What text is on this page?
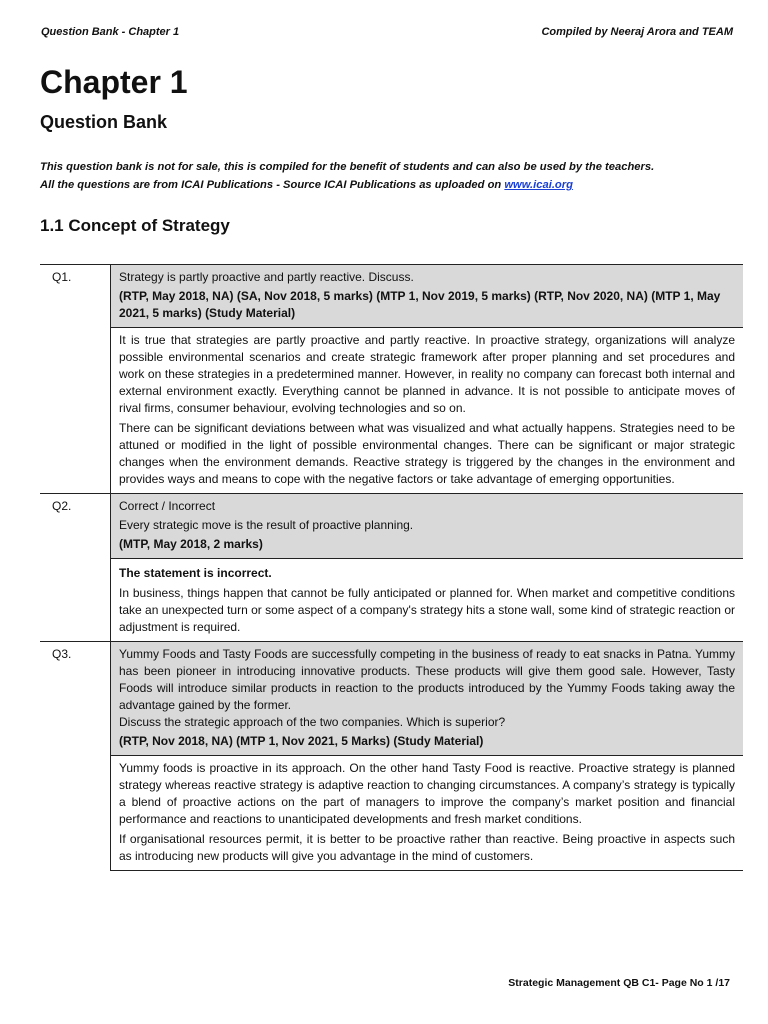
Question Bank - Chapter 1	Compiled by Neeraj Arora and TEAM
Chapter 1
Question Bank
This question bank is not for sale, this is compiled for the benefit of students and can also be used by the teachers.
All the questions are from ICAI Publications - Source ICAI Publications as uploaded on www.icai.org
1.1 Concept of Strategy
Q1.	Strategy is partly proactive and partly reactive. Discuss.
(RTP, May 2018, NA) (SA, Nov 2018, 5 marks) (MTP 1, Nov 2019, 5 marks) (RTP, Nov 2020, NA) (MTP 1, May 2021, 5 marks) (Study Material)

	It is true that strategies are partly proactive and partly reactive. In proactive strategy, organizations will analyze possible environmental scenarios and create strategic framework after proper planning and set procedures and work on these strategies in a predetermined manner. However, in reality no company can forecast both internal and external environment exactly. Everything cannot be planned in advance. It is not possible to anticipate moves of rival firms, consumer behaviour, evolving technologies and so on.

There can be significant deviations between what was visualized and what actually happens. Strategies need to be attuned or modified in the light of possible environmental changes. There can be significant or major strategic changes when the environment demands. Reactive strategy is triggered by the changes in the environment and provides ways and means to cope with the negative factors or take advantage of emerging opportunities.

Q2.	Correct / Incorrect
Every strategic move is the result of proactive planning.
(MTP, May 2018, 2 marks)

	The statement is incorrect.

In business, things happen that cannot be fully anticipated or planned for. When market and competitive conditions take an unexpected turn or some aspect of a company's strategy hits a stone wall, some kind of strategic reaction or adjustment is required.

Q3.	Yummy Foods and Tasty Foods are successfully competing in the business of ready to eat snacks in Patna. Yummy has been pioneer in introducing innovative products. These products will give them good sale. However, Tasty Foods will introduce similar products in reaction to the products introduced by the Yummy Foods taking away the advantage gained by the former.

Discuss the strategic approach of the two companies. Which is superior?
(RTP, Nov 2018, NA) (MTP 1, Nov 2021, 5 Marks) (Study Material)

	Yummy foods is proactive in its approach. On the other hand Tasty Food is reactive. Proactive strategy is planned strategy whereas reactive strategy is adaptive reaction to changing circumstances. A company’s strategy is typically a blend of proactive actions on the part of managers to improve the company’s market position and financial performance and reactions to unanticipated developments and fresh market conditions.

If organisational resources permit, it is better to be proactive rather than reactive. Being proactive in aspects such as introducing new products will give you advantage in the mind of customers.

Strategic Management QB C1- Page No 1 /17
